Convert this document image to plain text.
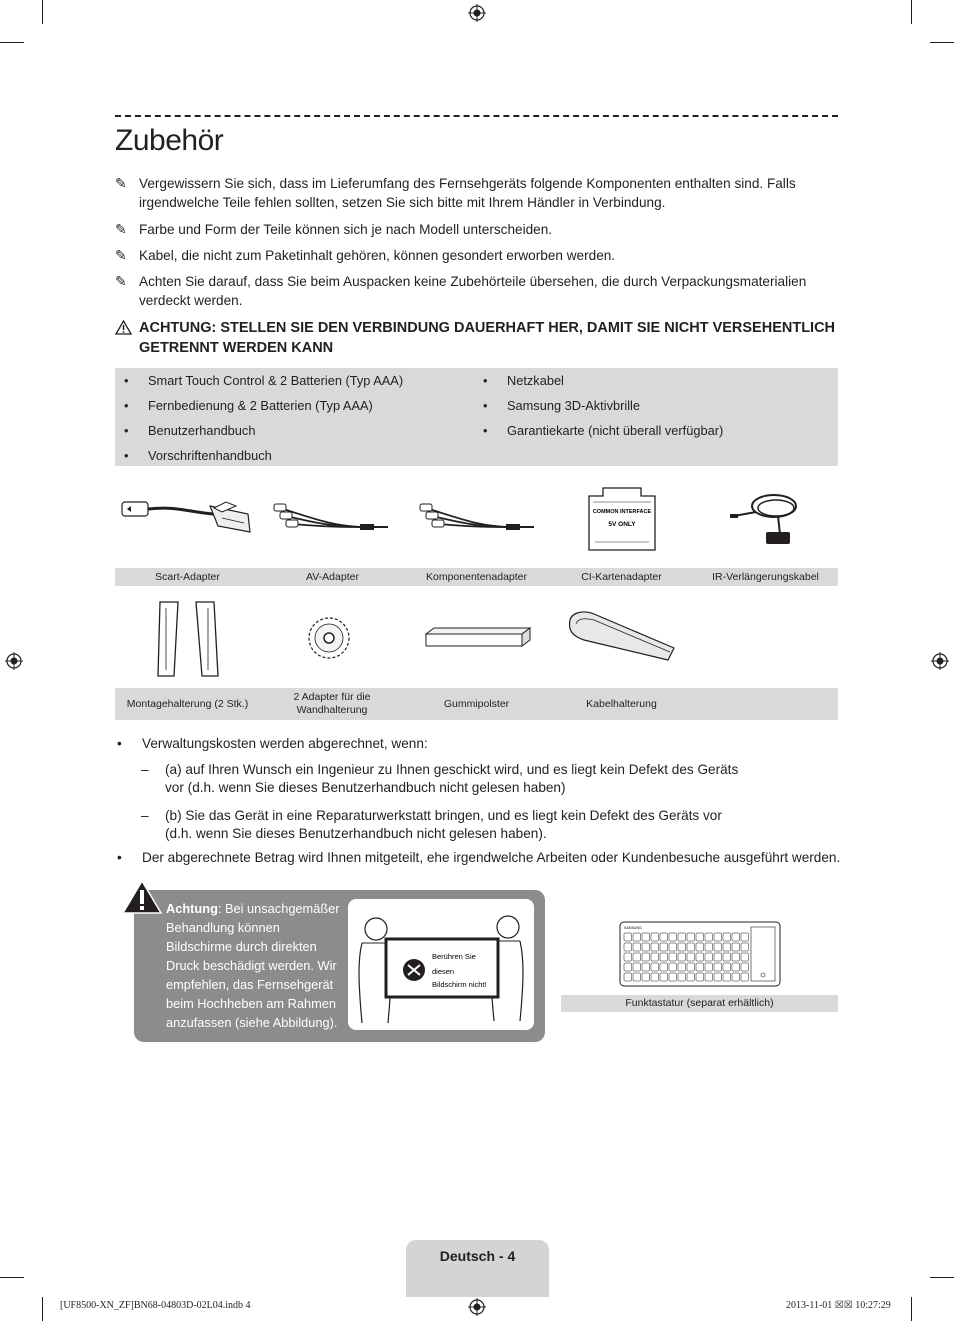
Zubehör
✎ Vergewissern Sie sich, dass im Lieferumfang des Fernsehgeräts folgende Komponenten enthalten sind. Falls irgendwelche Teile fehlen sollten, setzen Sie sich bitte mit Ihrem Händler in Verbindung.
✎ Farbe und Form der Teile können sich je nach Modell unterscheiden.
✎ Kabel, die nicht zum Paketinhalt gehören, können gesondert erworben werden.
✎ Achten Sie darauf, dass Sie beim Auspacken keine Zubehörteile übersehen, die durch Verpackungsmaterialien verdeckt werden.
ACHTUNG: STELLEN SIE DEN VERBINDUNG DAUERHAFT HER, DAMIT SIE NICHT VERSEHENTLICH GETRENNT WERDEN KANN
• Smart Touch Control & 2 Batterien (Typ AAA)
• Fernbedienung & 2 Batterien (Typ AAA)
• Benutzerhandbuch
• Vorschriftenhandbuch
• Netzkabel
• Samsung 3D-Aktivbrille
• Garantiekarte (nicht überall verfügbar)
COMMON INTERFACE
5V ONLY
Scart-Adapter	AV-Adapter	Komponentenadapter	CI-Kartenadapter	IR-Verlängerungskabel
Montagehalterung (2 Stk.)
2 Adapter für die Wandhalterung	Gummipolster	Kabelhalterung
• Verwaltungskosten werden abgerechnet, wenn:
– (a) auf Ihren Wunsch ein Ingenieur zu Ihnen geschickt wird, und es liegt kein Defekt des Geräts vor (d.h. wenn Sie dieses Benutzerhandbuch nicht gelesen haben)
– (b) Sie das Gerät in eine Reparaturwerkstatt bringen, und es liegt kein Defekt des Geräts vor (d.h. wenn Sie dieses Benutzerhandbuch nicht gelesen haben).
• Der abgerechnete Betrag wird Ihnen mitgeteilt, ehe irgendwelche Arbeiten oder Kundenbesuche ausgeführt werden.
Achtung: Bei unsachgemäßer Behandlung können Bildschirme durch direkten Druck beschädigt werden. Wir empfehlen, das Fernsehgerät beim Hochheben am Rahmen anzufassen (siehe Abbildung).
Berühren Sie
diesen
Bildschirm nicht!
SAMSUNG
Funktastatur (separat erhältlich)
Deutsch - 4
[UF8500-XN_ZF]BN68-04803D-02L04.indb 4	2013-11-01 ☒☒ 10:27:29
